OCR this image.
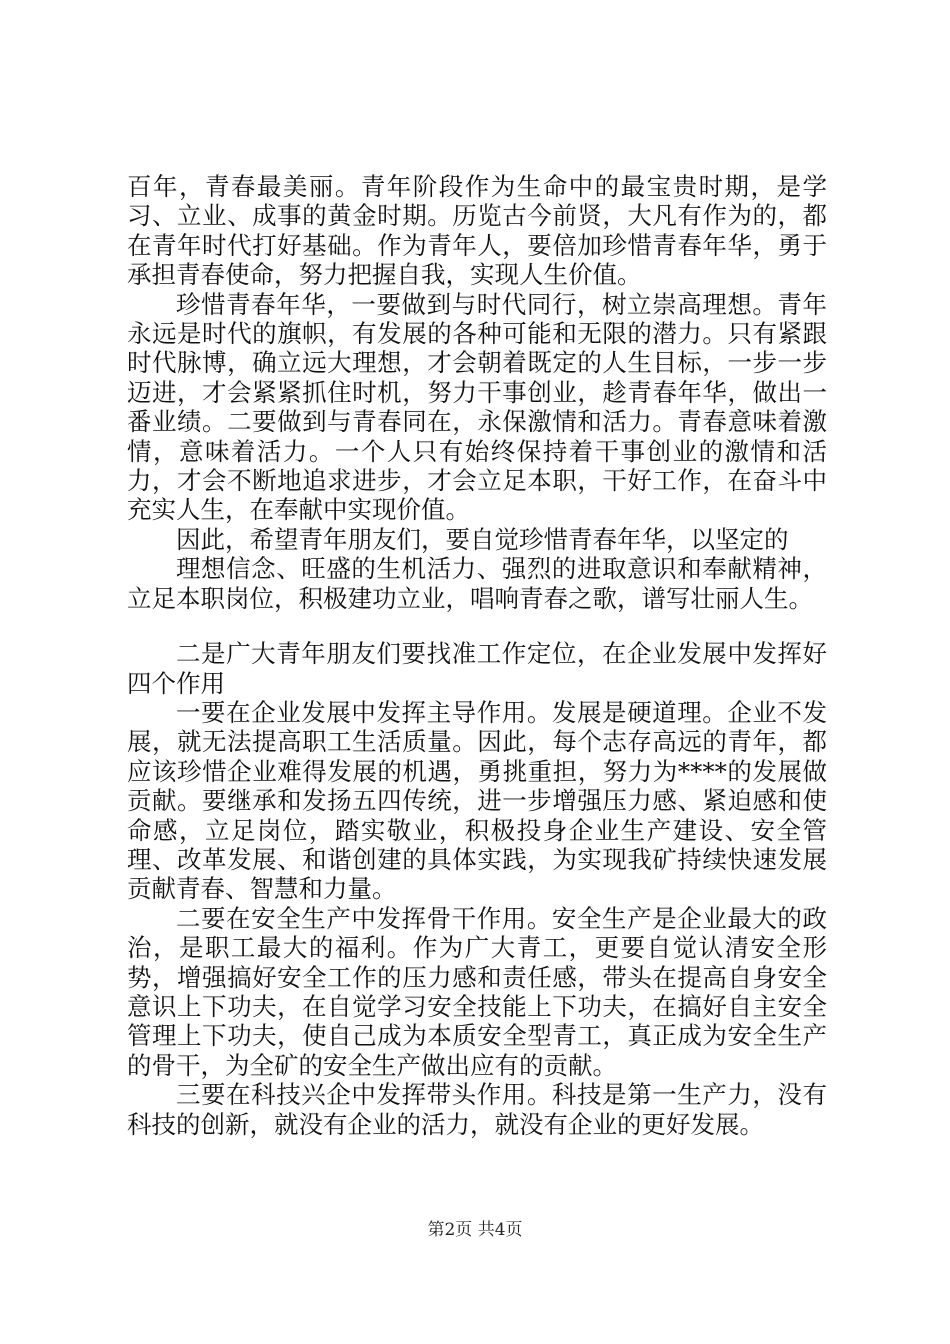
百年，青春最美丽。青年阶段作为生命中的最宝贵时期，是学习、立业、成事的黄金时期。历览古今前贤，大凡有作为的，都在青年时代打好基础。作为青年人，要倍加珍惜青春年华，勇于承担青春使命，努力把握自我，实现人生价值。

珍惜青春年华，一要做到与时代同行，树立崇高理想。青年永远是时代的旗帜，有发展的各种可能和无限的潜力。只有紧跟时代脉博，确立远大理想，才会朝着既定的人生目标，一步一步迈进，才会紧紧抓住时机，努力干事创业，趁青春年华，做出一番业绩。二要做到与青春同在，永保激情和活力。青春意味着激情，意味着活力。一个人只有始终保持着干事创业的激情和活力，才会不断地追求进步，才会立足本职，干好工作，在奋斗中充实人生，在奉献中实现价值。

因此，希望青年朋友们，要自觉珍惜青春年华，以坚定的

理想信念、旺盛的生机活力、强烈的进取意识和奉献精神，立足本职岗位，积极建功立业，唱响青春之歌，谱写壮丽人生。

二是广大青年朋友们要找准工作定位，在企业发展中发挥好四个作用

一要在企业发展中发挥主导作用。发展是硬道理。企业不发展，就无法提高职工生活质量。因此，每个志存高远的青年，都应该珍惜企业难得发展的机遇，勇挑重担，努力为****的发展做贡献。要继承和发扬五四传统，进一步增强压力感、紧迫感和使命感，立足岗位，踏实敬业，积极投身企业生产建设、安全管理、改革发展、和谐创建的具体实践，为实现我矿持续快速发展贡献青春、智慧和力量。

二要在安全生产中发挥骨干作用。安全生产是企业最大的政治，是职工最大的福利。作为广大青工，更要自觉认清安全形势，增强搞好安全工作的压力感和责任感，带头在提高自身安全意识上下功夫，在自觉学习安全技能上下功夫，在搞好自主安全管理上下功夫，使自己成为本质安全型青工，真正成为安全生产的骨干，为全矿的安全生产做出应有的贡献。

三要在科技兴企中发挥带头作用。科技是第一生产力，没有科技的创新，就没有企业的活力，就没有企业的更好发展。

第2页 共4页
